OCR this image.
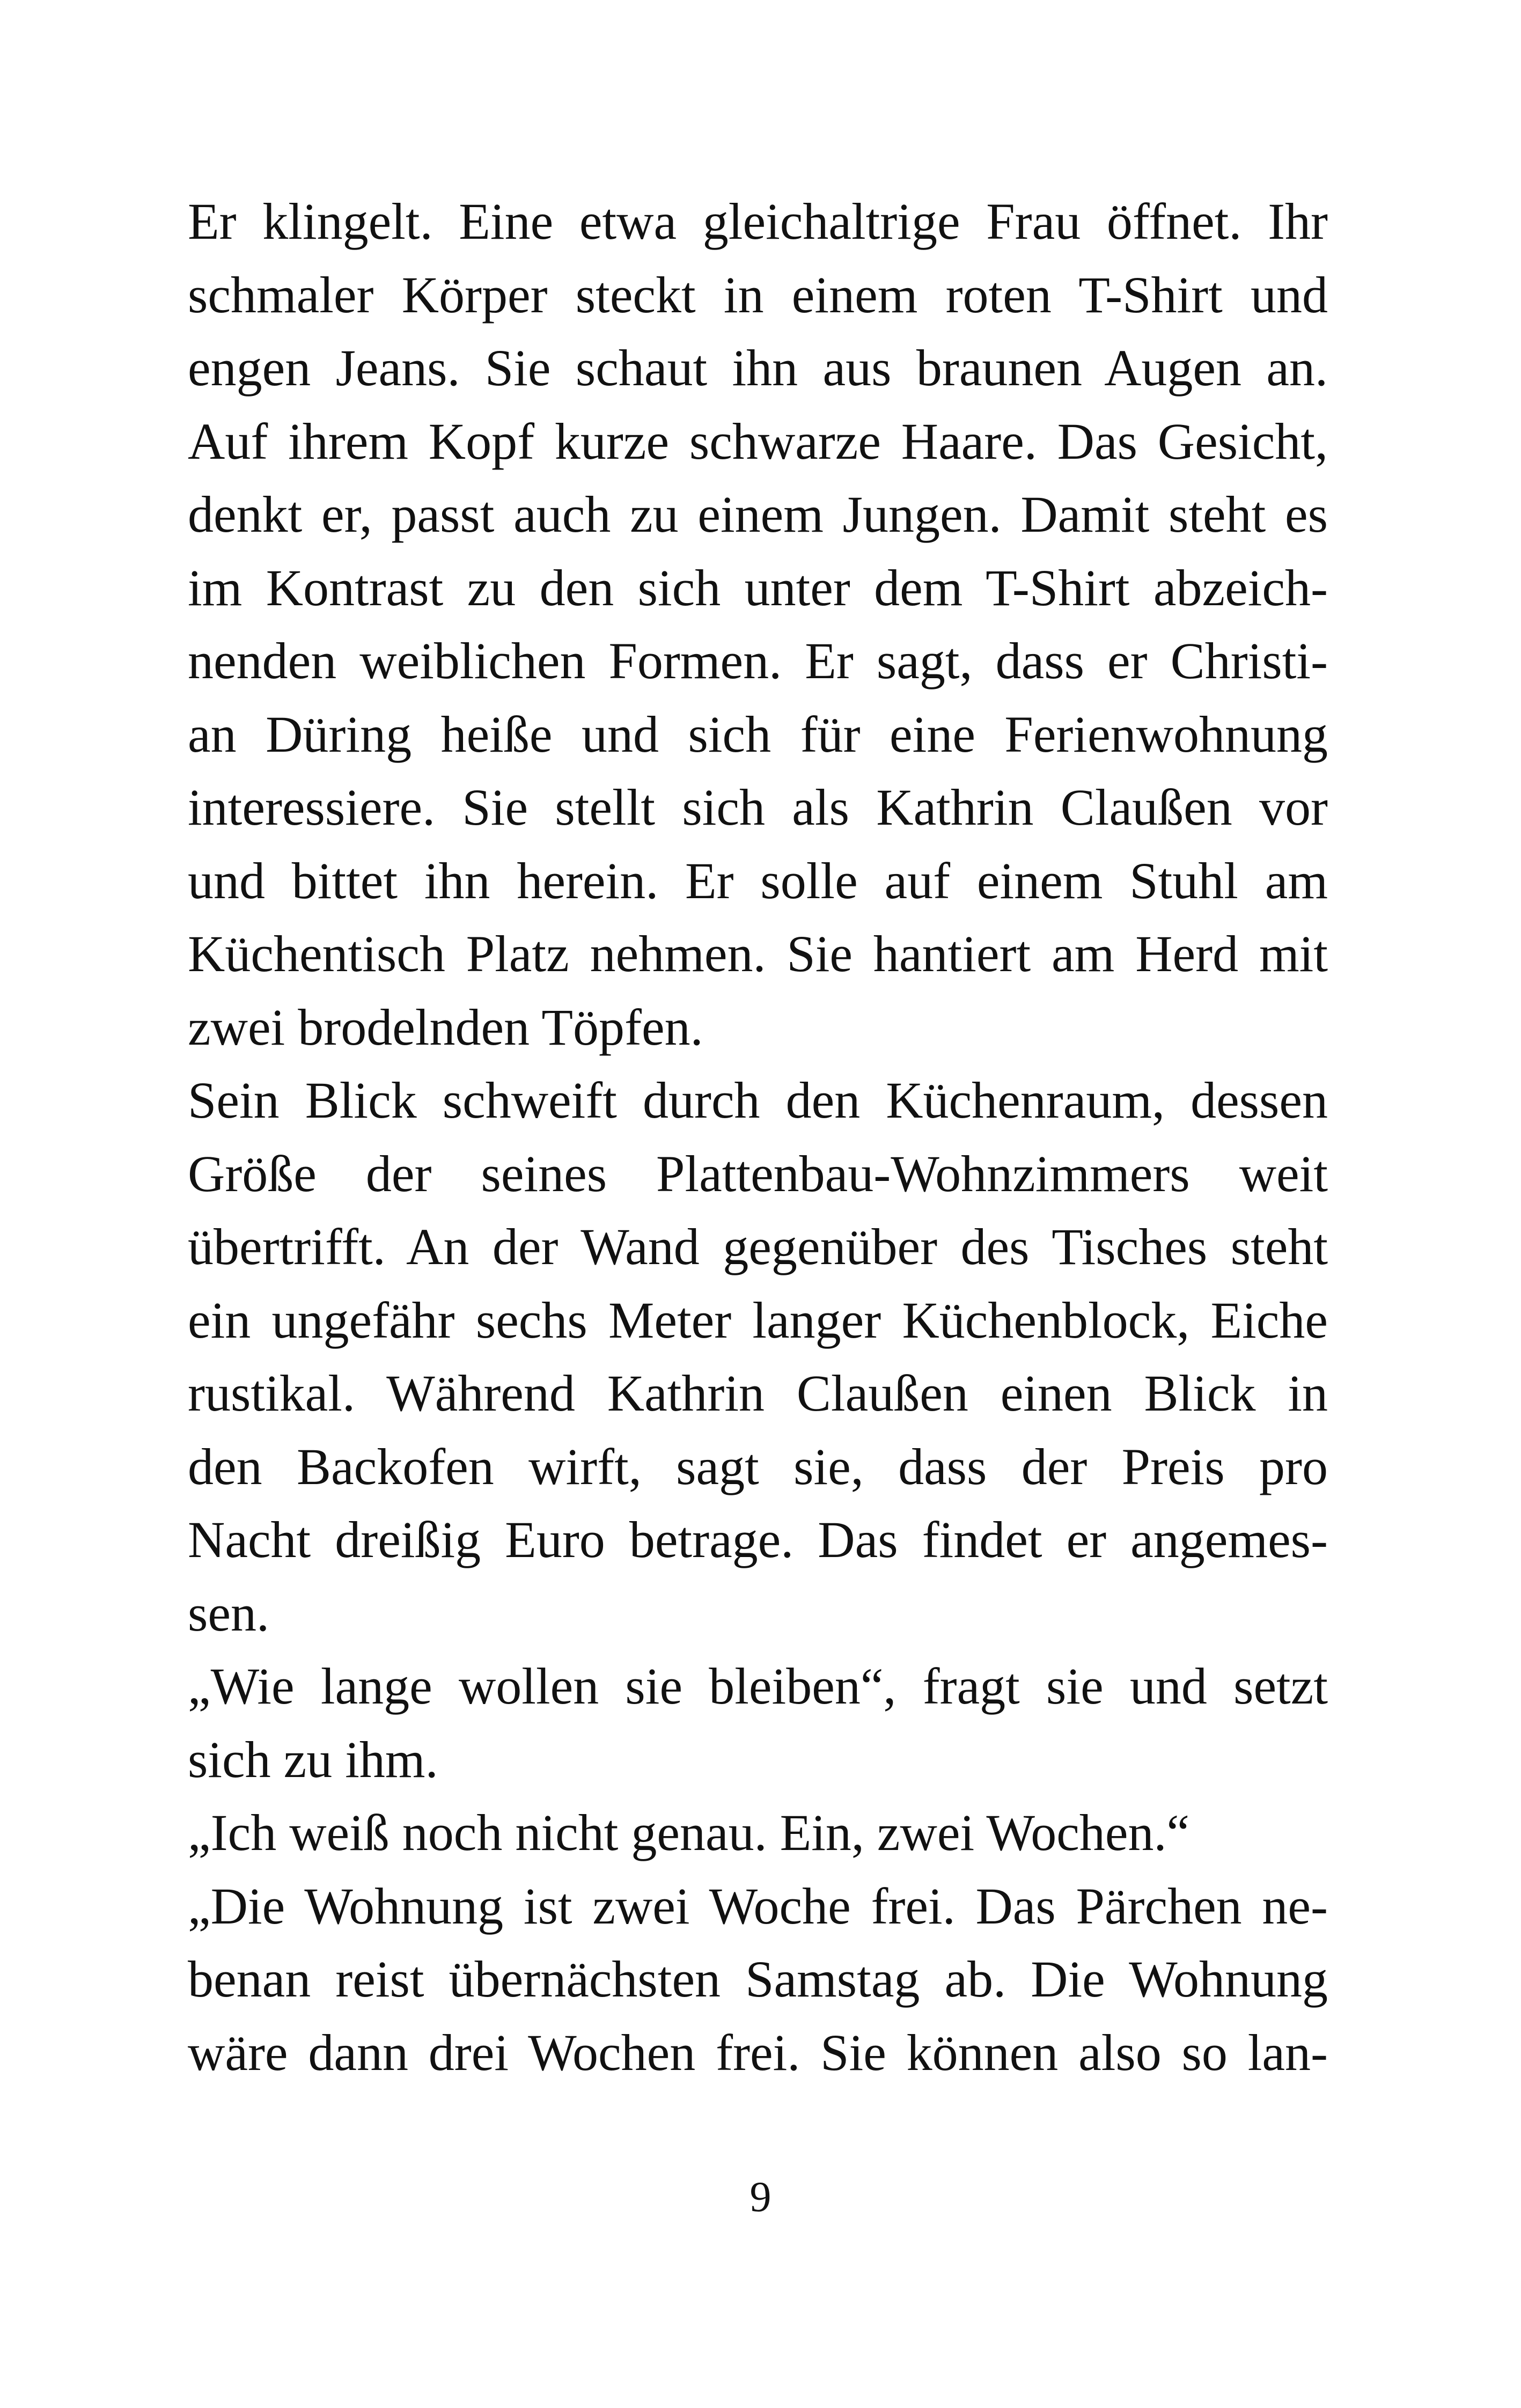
Er klingelt. Eine etwa gleichaltrige Frau öffnet. Ihr
schmaler Körper steckt in einem roten T-Shirt und
engen Jeans. Sie schaut ihn aus braunen Augen an.
Auf ihrem Kopf kurze schwarze Haare. Das Gesicht,
denkt er, passt auch zu einem Jungen. Damit steht es
im Kontrast zu den sich unter dem T-Shirt abzeich-
nenden weiblichen Formen. Er sagt, dass er Christi-
an Düring heiße und sich für eine Ferienwohnung
interessiere. Sie stellt sich als Kathrin Claußen vor
und bittet ihn herein. Er solle auf einem Stuhl am
Küchentisch Platz nehmen. Sie hantiert am Herd mit
zwei brodelnden Töpfen.
Sein Blick schweift durch den Küchenraum, dessen
Größe der seines Plattenbau-Wohnzimmers weit
übertrifft. An der Wand gegenüber des Tisches steht
ein ungefähr sechs Meter langer Küchenblock, Eiche
rustikal. Während Kathrin Claußen einen Blick in
den Backofen wirft, sagt sie, dass der Preis pro
Nacht dreißig Euro betrage. Das findet er angemes-
sen.
„Wie lange wollen sie bleiben“, fragt sie und setzt
sich zu ihm.
„Ich weiß noch nicht genau. Ein, zwei Wochen.“
„Die Wohnung ist zwei Woche frei. Das Pärchen ne-
benan reist übernächsten Samstag ab. Die Wohnung
wäre dann drei Wochen frei. Sie können also so lan-
9
